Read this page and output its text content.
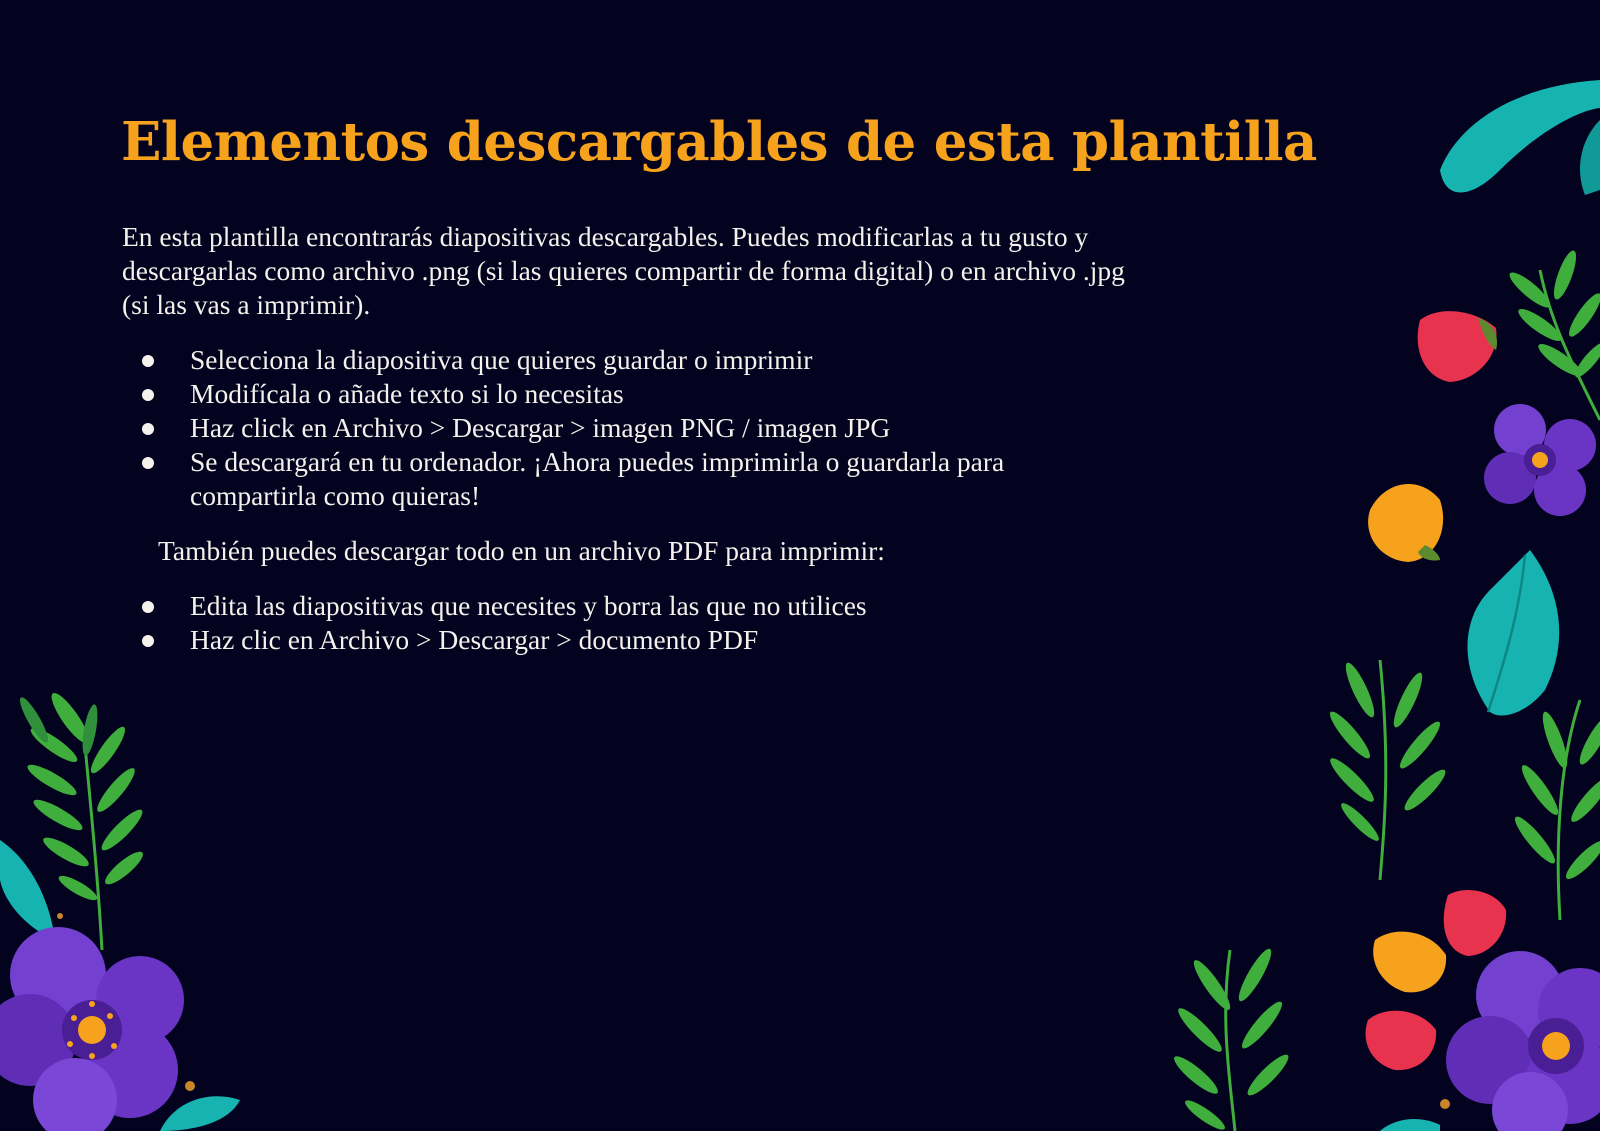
Elementos descargables de esta plantilla

En esta plantilla encontrarás diapositivas descargables. Puedes modificarlas a tu gusto y descargarlas como archivo .png (si las quieres compartir de forma digital) o en archivo .jpg (si las vas a imprimir).

Selecciona la diapositiva que quieres guardar o imprimir
Modifícala o añade texto si lo necesitas
Haz click en Archivo > Descargar > imagen PNG / imagen JPG
Se descargará en tu ordenador. ¡Ahora puedes imprimirla o guardarla para compartirla como quieras!

También puedes descargar todo en un archivo PDF para imprimir:

Edita las diapositivas que necesites y borra las que no utilices
Haz clic en Archivo > Descargar > documento PDF
